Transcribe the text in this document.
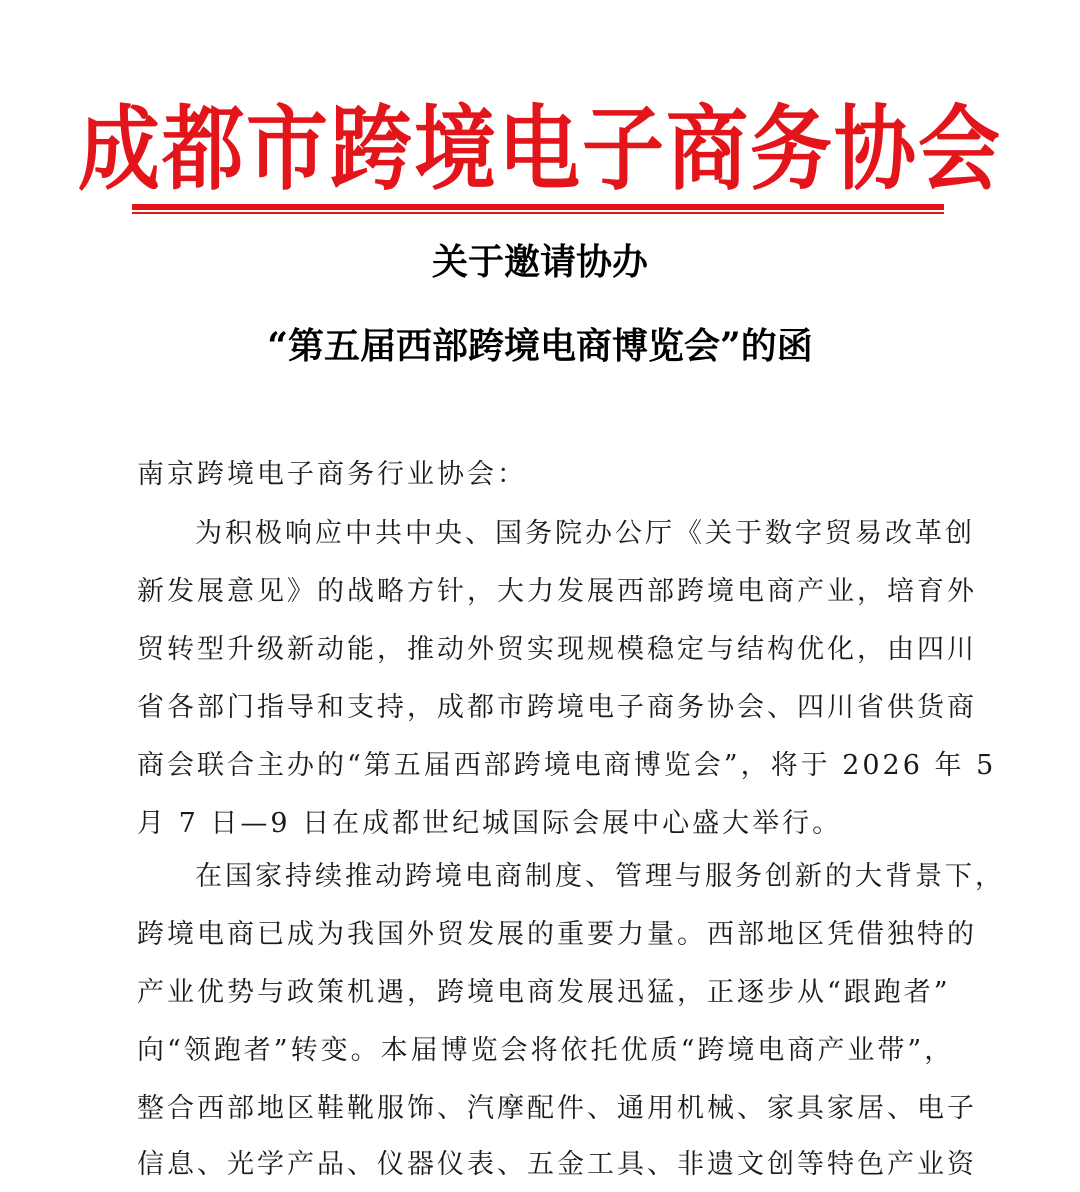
成都市跨境电子商务协会
关于邀请协办
“第五届西部跨境电商博览会”的函
南京跨境电子商务行业协会：
为积极响应中共中央、国务院办公厅《关于数字贸易改革创
新发展意见》的战略方针，大力发展西部跨境电商产业，培育外
贸转型升级新动能，推动外贸实现规模稳定与结构优化，由四川
省各部门指导和支持，成都市跨境电子商务协会、四川省供货商
商会联合主办的“第五届西部跨境电商博览会”，将于 2026 年 5
月 7 日—9 日在成都世纪城国际会展中心盛大举行。
在国家持续推动跨境电商制度、管理与服务创新的大背景下，
跨境电商已成为我国外贸发展的重要力量。西部地区凭借独特的
产业优势与政策机遇，跨境电商发展迅猛，正逐步从“跟跑者”
向“领跑者”转变。本届博览会将依托优质“跨境电商产业带”，
整合西部地区鞋靴服饰、汽摩配件、通用机械、家具家居、电子
信息、光学产品、仪器仪表、五金工具、非遗文创等特色产业资
